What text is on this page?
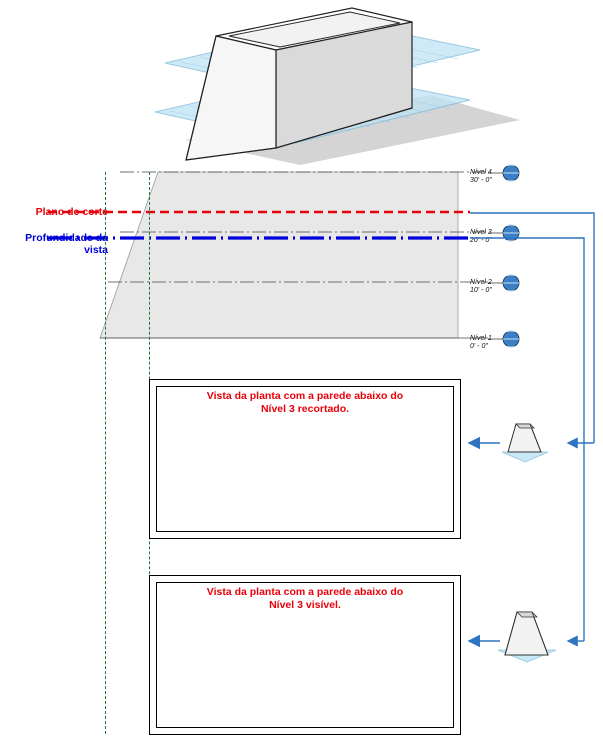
Nível 4
30' - 0"
Nível 3
20' - 0"
Nível 2
10' - 0"
Nível 1
0' - 0"
Plano de corte
Profundidade da
vista
Vista da planta com a parede abaixo do
Nível 3 recortado.
Vista da planta com a parede abaixo do
Nível 3 visível.
